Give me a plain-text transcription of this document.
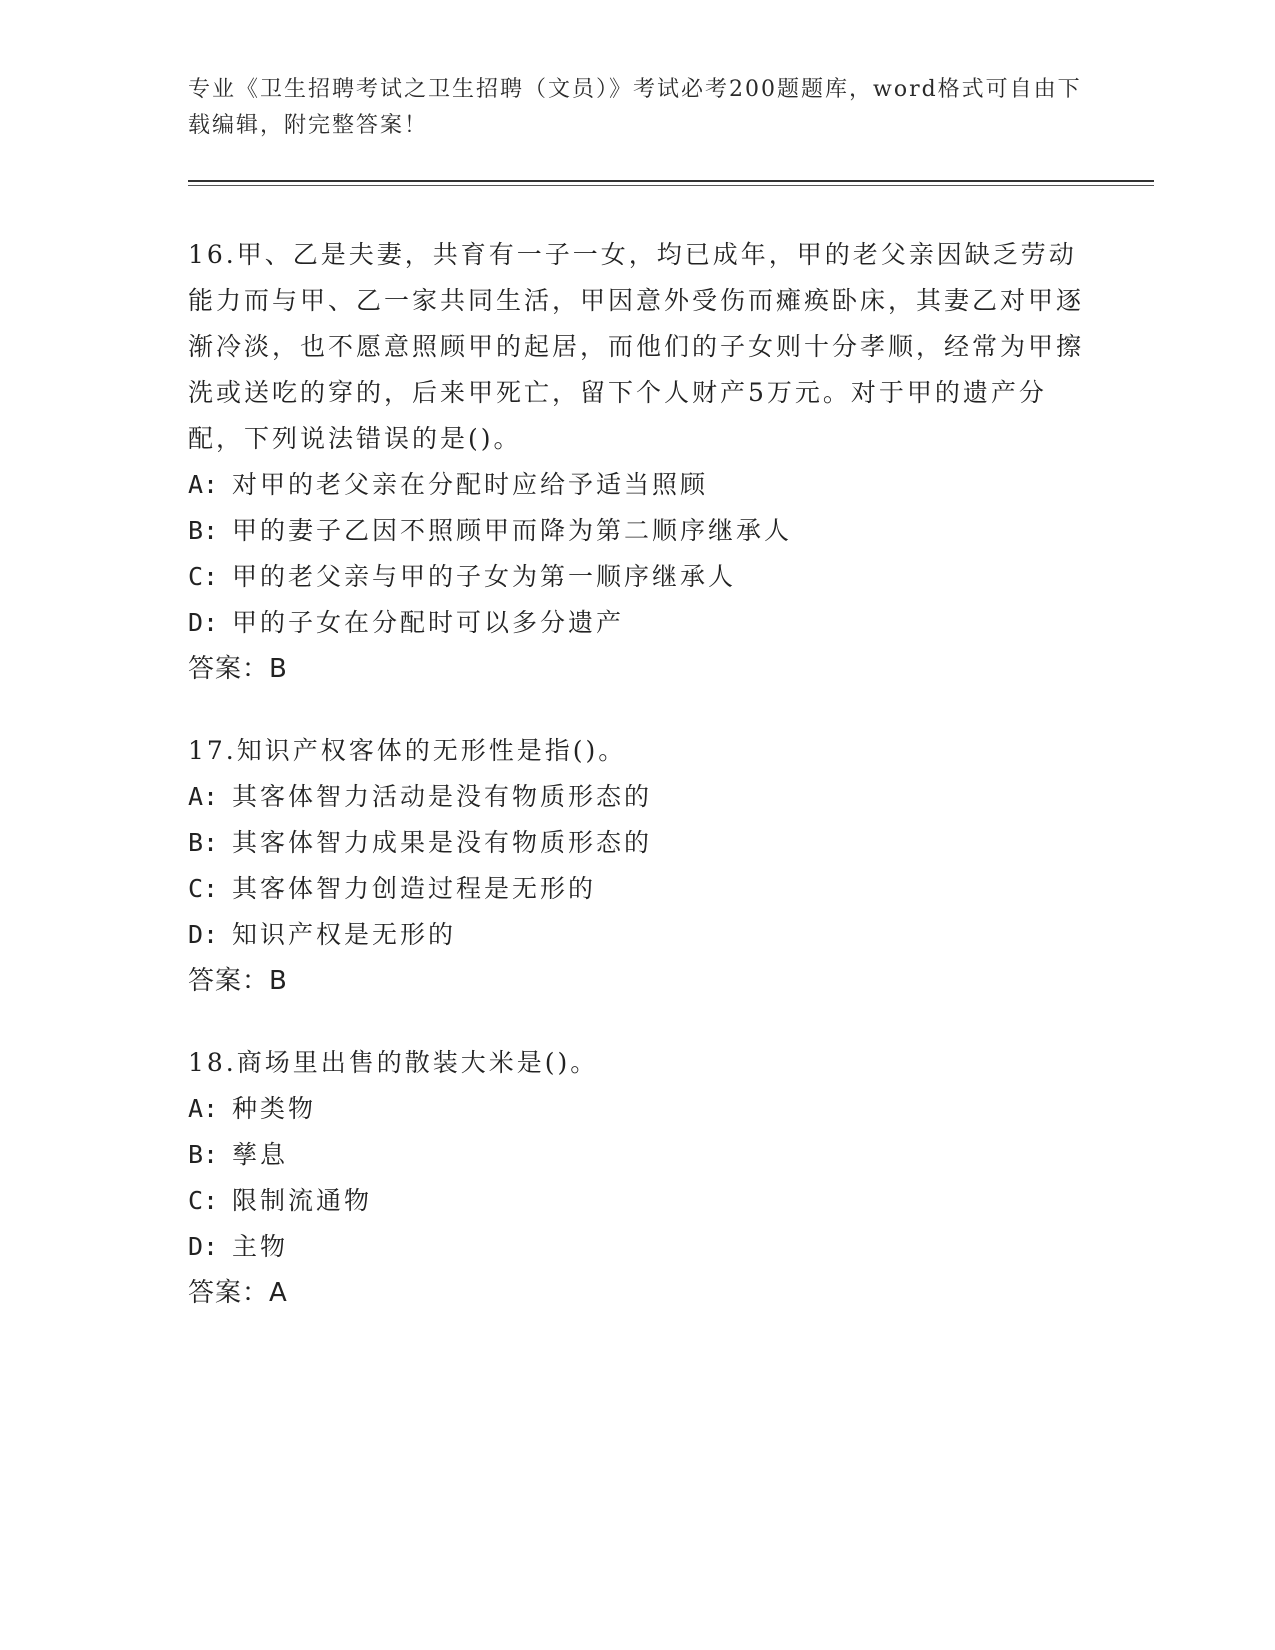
专业《卫生招聘考试之卫生招聘（文员）》考试必考200题题库，word格式可自由下载编辑，附完整答案！

16.甲、乙是夫妻，共育有一子一女，均已成年，甲的老父亲因缺乏劳动能力而与甲、乙一家共同生活，甲因意外受伤而瘫痪卧床，其妻乙对甲逐渐冷淡，也不愿意照顾甲的起居，而他们的子女则十分孝顺，经常为甲擦洗或送吃的穿的，后来甲死亡，留下个人财产5万元。对于甲的遗产分配，下列说法错误的是()。

A: 对甲的老父亲在分配时应给予适当照顾

B: 甲的妻子乙因不照顾甲而降为第二顺序继承人

C: 甲的老父亲与甲的子女为第一顺序继承人

D: 甲的子女在分配时可以多分遗产

答案：B

17.知识产权客体的无形性是指()。

A: 其客体智力活动是没有物质形态的

B: 其客体智力成果是没有物质形态的

C: 其客体智力创造过程是无形的

D: 知识产权是无形的

答案：B

18.商场里出售的散装大米是()。

A: 种类物

B: 孳息

C: 限制流通物

D: 主物

答案：A
